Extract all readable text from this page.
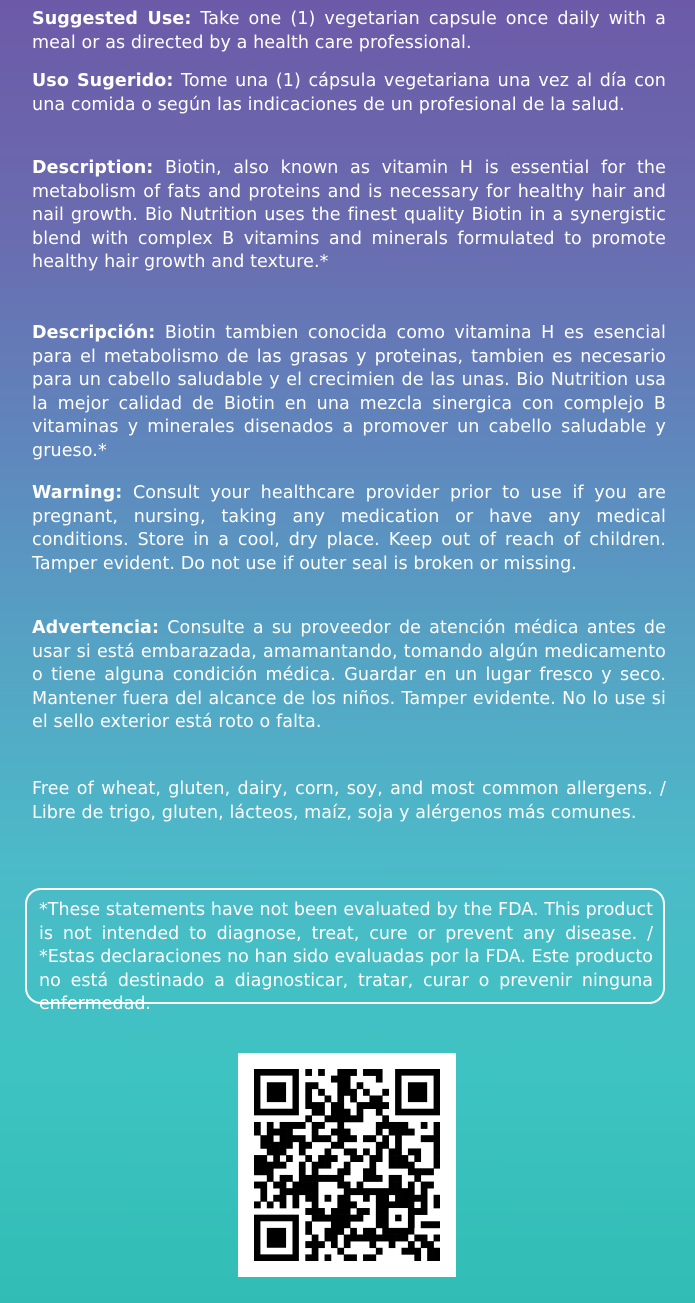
Suggested Use: Take one (1) vegetarian capsule once daily with a meal or as directed by a health care professional.

Uso Sugerido: Tome una (1) cápsula vegetariana una vez al día con una comida o según las indicaciones de un profesional de la salud.

Description: Biotin, also known as vitamin H is essential for the metabolism of fats and proteins and is necessary for healthy hair and nail growth. Bio Nutrition uses the finest quality Biotin in a synergistic blend with complex B vitamins and minerals formulated to promote healthy hair growth and texture.*

Descripción: Biotin tambien conocida como vitamina H es esencial para el metabolismo de las grasas y proteinas, tambien es necesario para un cabello saludable y el crecimien de las unas. Bio Nutrition usa la mejor calidad de Biotin en una mezcla sinergica con complejo B vitaminas y minerales disenados a promover un cabello saludable y grueso.*

Warning: Consult your healthcare provider prior to use if you are pregnant, nursing, taking any medication or have any medical conditions. Store in a cool, dry place. Keep out of reach of children. Tamper evident. Do not use if outer seal is broken or missing.

Advertencia: Consulte a su proveedor de atención médica antes de usar si está embarazada, amamantando, tomando algún medicamento o tiene alguna condición médica. Guardar en un lugar fresco y seco. Mantener fuera del alcance de los niños. Tamper evidente. No lo use si el sello exterior está roto o falta.

Free of wheat, gluten, dairy, corn, soy, and most common allergens. / Libre de trigo, gluten, lácteos, maíz, soja y alérgenos más comunes.

*These statements have not been evaluated by the FDA. This product is not intended to diagnose, treat, cure or prevent any disease. / *Estas declaraciones no han sido evaluadas por la FDA. Este producto no está destinado a diagnosticar, tratar, curar o prevenir ninguna enfermedad.
